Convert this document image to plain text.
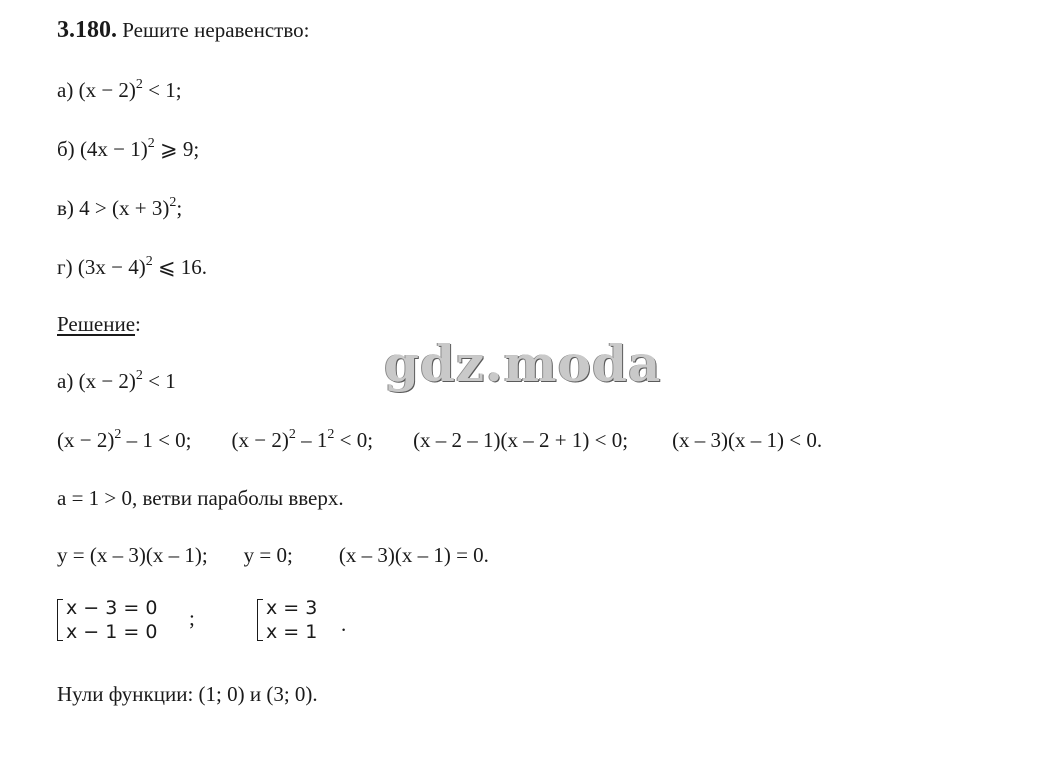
3.180. Решите неравенство:
а) $(x - 2)^2 < 1$;
б) $(4x - 1)^2$ ⩾ 9;
в) $4 > (x + 3)^2$;
г) $(3x - 4)^2$ ⩽ 16.
Решение:
а) $(x - 2)^2 < 1$
$(x - 2)^2 - 1 < 0$; $(x - 2)^2 - 1^2 < 0$; (x – 2 – 1)(x – 2 + 1) < 0; (x – 3)(x – 1) < 0.
a = 1 > 0, ветви параболы вверх.
y = (x – 3)(x – 1); y = 0; (x – 3)(x – 1) = 0.
x − 3 = 0
x − 1 = 0
;	x = 3
x = 1 .
Нули функции: (1; 0) и (3; 0).
gdz.moda
